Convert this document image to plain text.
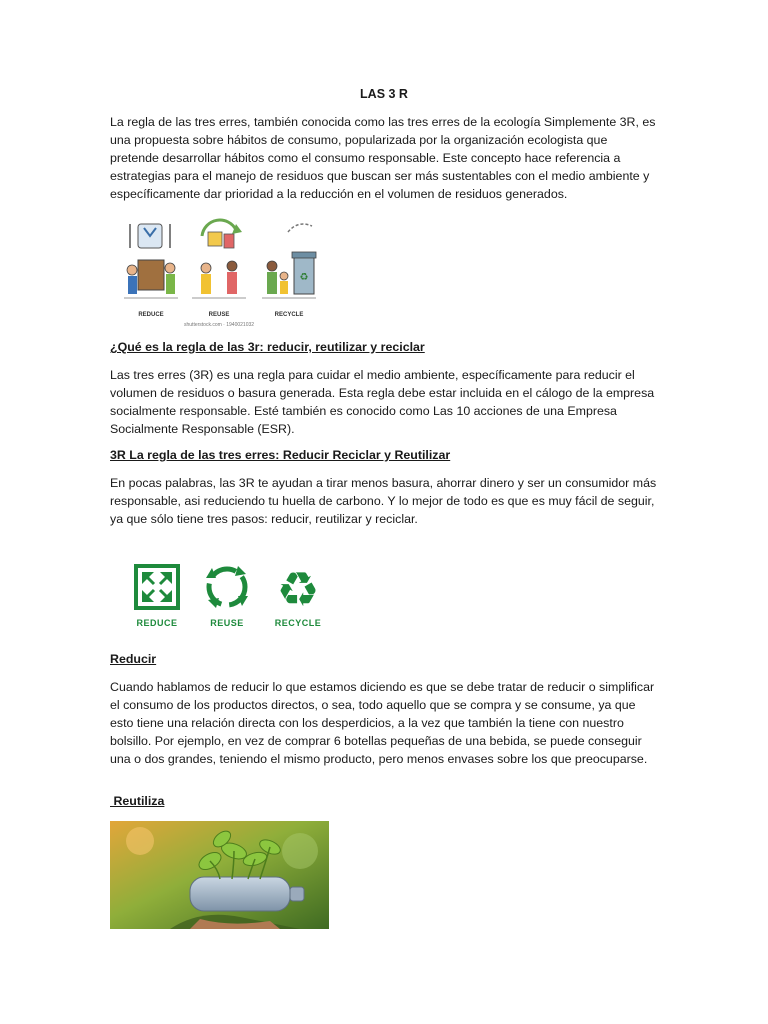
LAS 3 R

La regla de las tres erres, también conocida como las tres erres de la ecología Simplemente 3R, es una propuesta sobre hábitos de consumo, popularizada por la organización ecologista que pretende desarrollar hábitos como el consumo responsable. Este concepto hace referencia a estrategias para el manejo de residuos que buscan ser más sustentables con el medio ambiente y específicamente dar prioridad a la reducción en el volumen de residuos generados.

REDUCE	REUSE
♻
RECYCLE
shutterstock.com · 1940021032
¿Qué es la regla de las 3r: reducir, reutilizar y reciclar

Las tres erres (3R) es una regla para cuidar el medio ambiente, específicamente para reducir el volumen de residuos o basura generada. Esta regla debe estar incluida en el cálogo de la empresa socialmente responsable. Esté también es conocido como Las 10 acciones de una Empresa Socialmente Responsable (ESR).

3R La regla de las tres erres: Reducir Reciclar y Reutilizar

En pocas palabras, las 3R te ayudan a tirar menos basura, ahorrar dinero y ser un consumidor más responsable, asi reduciendo tu huella de carbono. Y lo mejor de todo es que es muy fácil de seguir, ya que sólo tiene tres pasos: reducir, reutilizar y reciclar.

♻
REDUCE	REUSE	RECYCLE
Reducir

Cuando hablamos de reducir lo que estamos diciendo es que se debe tratar de reducir o simplificar el consumo de los productos directos, o sea, todo aquello que se compra y se consume, ya que esto tiene una relación directa con los desperdicios, a la vez que también la tiene con nuestro bolsillo. Por ejemplo, en vez de comprar 6 botellas pequeñas de una bebida, se puede conseguir una o dos grandes, teniendo el mismo producto, pero menos envases sobre los que preocuparse.

Reutiliza
